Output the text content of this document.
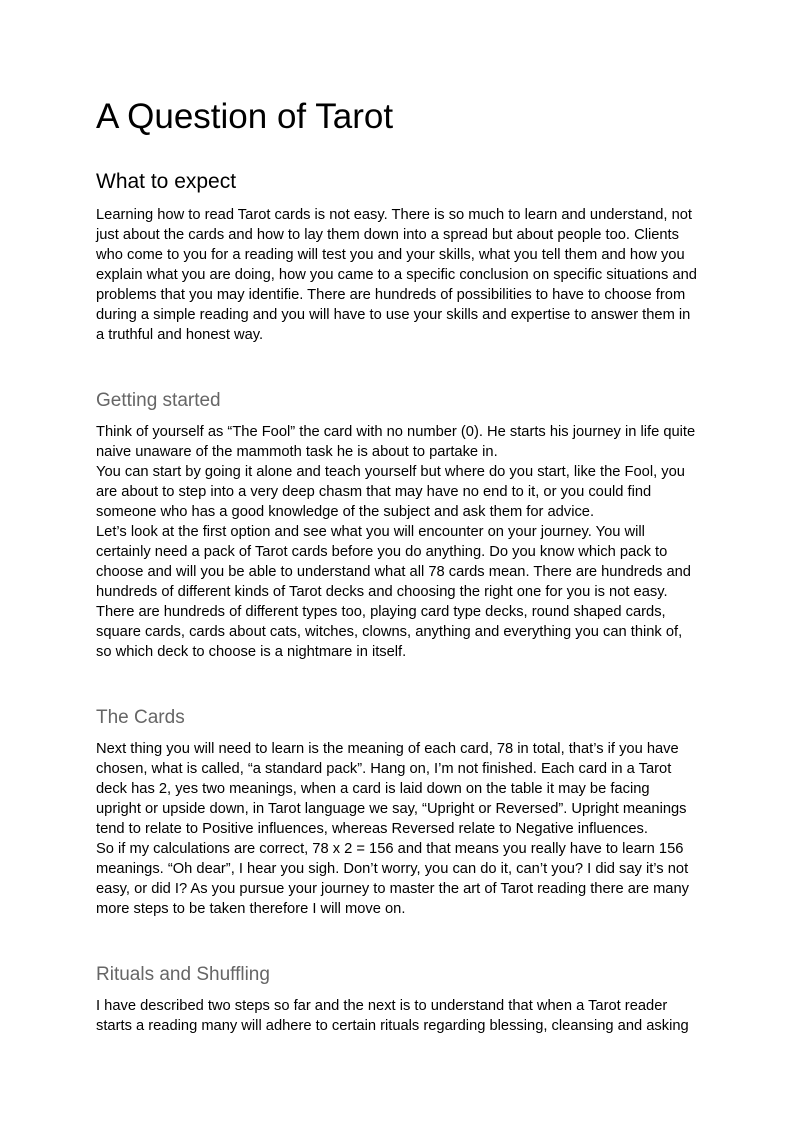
A Question of Tarot
What to expect

Learning how to read Tarot cards is not easy. There is so much to learn and understand, not just about the cards and how to lay them down into a spread but about people too. Clients who come to you for a reading will test you and your skills, what you tell them and how you explain what you are doing, how you came to a specific conclusion on specific situations and problems that you may identifie. There are hundreds of possibilities to have to choose from during a simple reading and you will have to use your skills and expertise to answer them in a truthful and honest way.

Getting started

Think of yourself as “The Fool” the card with no number (0). He starts his journey in life quite naive unaware of the mammoth task he is about to partake in.

You can start by going it alone and teach yourself but where do you start, like the Fool, you are about to step into a very deep chasm that may have no end to it, or you could find someone who has a good knowledge of the subject and ask them for advice.

Let’s look at the first option and see what you will encounter on your journey. You will certainly need a pack of Tarot cards before you do anything. Do you know which pack to choose and will you be able to understand what all 78 cards mean. There are hundreds and hundreds of different kinds of Tarot decks and choosing the right one for you is not easy.

There are hundreds of different types too, playing card type decks, round shaped cards, square cards, cards about cats, witches, clowns, anything and everything you can think of, so which deck to choose is a nightmare in itself.

The Cards

Next thing you will need to learn is the meaning of each card, 78 in total, that’s if you have chosen, what is called, “a standard pack”. Hang on, I’m not finished. Each card in a Tarot deck has 2, yes two meanings, when a card is laid down on the table it may be facing upright or upside down, in Tarot language we say, “Upright or Reversed”. Upright meanings tend to relate to Positive influences, whereas Reversed relate to Negative influences.

So if my calculations are correct, 78 x 2 = 156 and that means you really have to learn 156 meanings. “Oh dear”, I hear you sigh. Don’t worry, you can do it, can’t you? I did say it’s not easy, or did I? As you pursue your journey to master the art of Tarot reading there are many more steps to be taken therefore I will move on.

Rituals and Shuffling

I have described two steps so far and the next is to understand that when a Tarot reader starts a reading many will adhere to certain rituals regarding blessing, cleansing and asking
